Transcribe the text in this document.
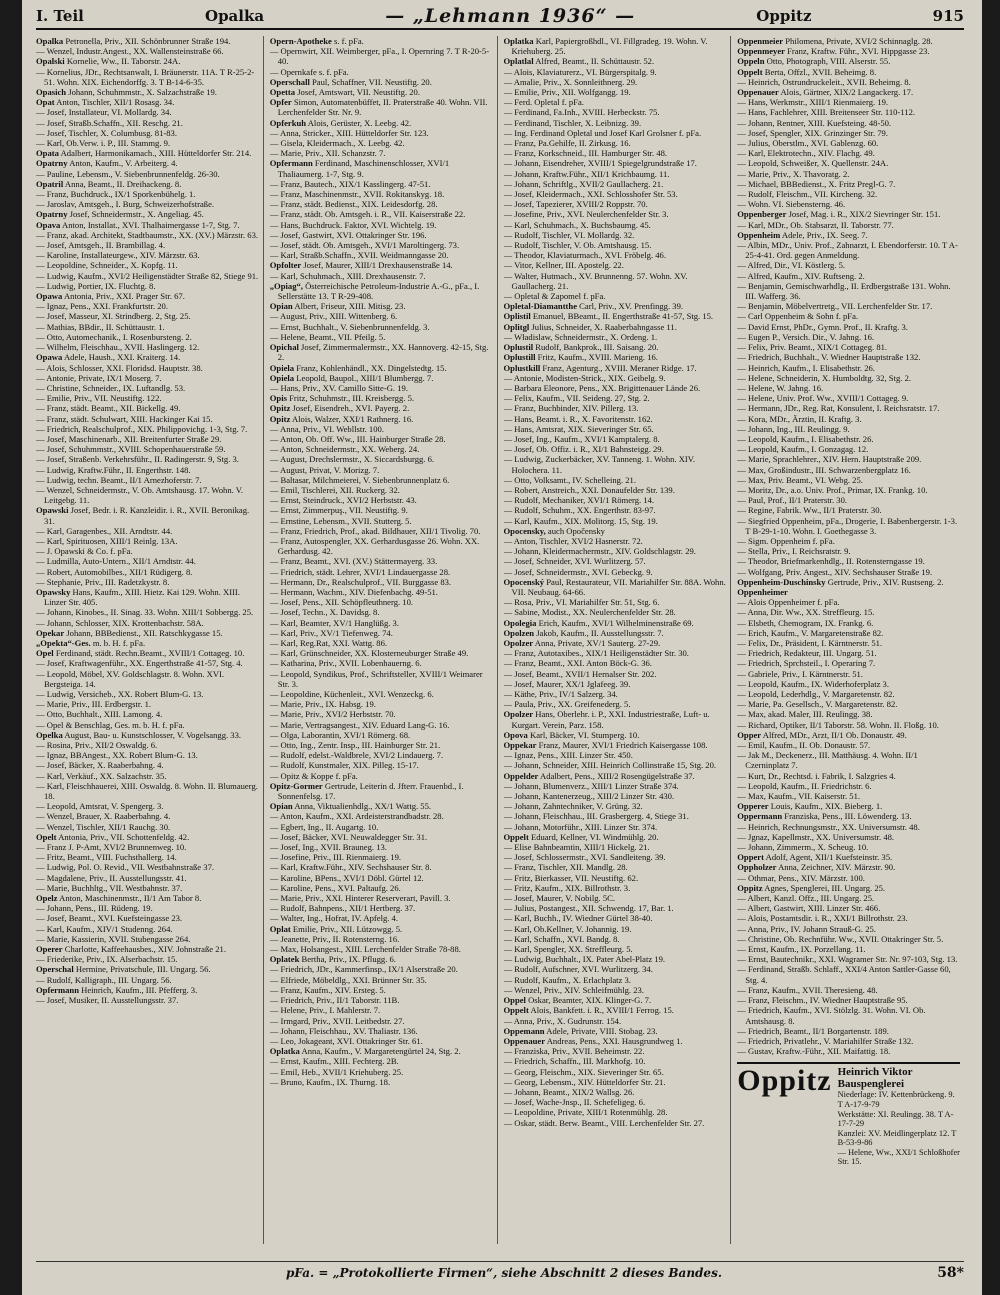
I. Teil	Opalka	— „Lehmann 1936“ —	Oppitz	915

Opalka Petronella, Priv., XII. Schönbrunner Straße 194.

— Wenzel, Industr.Angest., XX. Wallensteinstraße 66.

Opalski Kornelie, Ww., II. Taborstr. 24A.

— Kornelius, JDr., Rechtsanwalt, I. Bräunerstr. 11A. T R-25-2-51. Wohn. XIX. Eichendorffg. 3. T B-14-6-35.

Opasich Johann, Schuhmmstr., X. Salzachstraße 19.

Opat Anton, Tischler, XII/1 Rosasg. 34.

— Josef, Installateur, VI. Mollardg. 34.

— Josef, Straßb.Schaffn., XII. Reschg. 21.

— Josef, Tischler, X. Columbusg. 81-83.

— Karl, Ob.Verw. i. P., III. Stammg. 9.

Opata Adalbert, Harmonikamach., XIII. Hütteldorfer Str. 214.

Opatrny Anton, Kaufm., V. Arbeiterg. 4.

— Pauline, Lebensm., V. Siebenbrunnenfeldg. 26-30.

Opatril Anna, Beamt., II. Dreihackeng. 8.

— Franz, Buchdruck., IX/1 Sporkenbühelg. 1.

— Jaroslav, Amtsgeh., I. Burg, Schweizerhofstraße.

Opatrny Josef, Schneidermstr., X. Angeliag. 45.

Opava Anton, Installat., XVI. Thalhaimergasse 1-7, Stg. 7.

— Franz, akad. Architekt, Stadtbaumstr., XX. (XV.) Märzstr. 63.

— Josef, Amtsgeh., II. Brambillag. 4.

— Karoline, Installateurgew., XIV. Märzstr. 63.

— Leopoldine, Schneider., X. Kopfg. 11.

— Ludwig, Kaufm., XVI/2 Heiligenstädter Straße 82, Stiege 91.

— Ludwig, Portier, IX. Fluchtg. 8.

Opawa Antonia, Priv., XXI. Prager Str. 67.

— Ignaz, Pens., XXI. Frankfurtstr. 20.

— Josef, Masseur, XI. Strindberg. 2, Stg. 25.

— Mathias, BBdir., II. Schüttaustr. 1.

— Otto, Automechanik., I. Rosenbursteng. 2.

— Wilhelm, Fleischhau., XVII. Haslingerg. 12.

Opawa Adele, Haush., XXI. Kraiterg. 14.

— Alois, Schlosser, XXI. Floridsd. Hauptstr. 38.

— Antonie, Private, IX/1 Moserg. 7.

— Christine, Schneider., IX. Luftandlg. 53.

— Emilie, Priv., VII. Neustiftg. 122.

— Franz, städt. Beamt., XII. Bickellg. 49.

— Franz, städt. Schulwart, XIII. Hackinger Kai 15.

— Friedrich, Realschulprof., XIX. Philippovichg. 1-3, Stg. 7.

— Josef, Maschinenarb., XII. Breitenfurter Straße 29.

— Josef, Schuhmmstr., XVIII. Schopenhauerstraße 59.

— Josef, Straßenb. Verkehrsführ., II. Radingerstr. 9, Stg. 3.

— Ludwig, Kraftw.Führ., II. Engerthstr. 148.

— Ludwig, techn. Beamt., II/1 Arnezhoferstr. 7.

— Wenzel, Schneidermstr., V. Ob. Amtshausg. 17. Wohn. V. Leitgebg. 11.

Opawski Josef, Bedr. i. R. Kanzleidir. i. R., XVII. Beronikag. 31.

— Karl, Garagenbes., XII. Arndtstr. 44.

— Karl, Spirituosen, XIII/1 Reinlg. 13A.

— J. Opawski & Co. f. pFa.

— Ludmilla, Auto-Untern., XII/1 Arndtstr. 44.

— Robert, Automobilbes., XII/1 Rüdigerg. 8.

— Stephanie, Priv., III. Radetzkystr. 8.

Opawsky Hans, Kaufm., XIII. Hietz. Kai 129. Wohn. XIII. Linzer Str. 405.

— Johann, Kinobes., II. Sinag. 33. Wohn. XIII/1 Sobbergg. 25.

— Johann, Schlosser, XIX. Krottenbachstr. 58A.

Opekar Johann, BBBedienst., XII. Ratschkygasse 15.

„Opekta“-Ges. m. b. H. f. pFa.

Opel Ferdinand, städt. Rechn.Beamt., XVIII/1 Cottageg. 10.

— Josef, Kraftwagenführ., XX. Engerthstraße 41-57, Stg. 4.

— Leopold, Möbel, XV. Goldschlagstr. 8. Wohn. XVI. Bergsteiga. 14.

— Ludwig, Versicheb., XX. Robert Blum-G. 13.

— Marie, Priv., III. Erdbergstr. 1.

— Otto, Buchhalt., XIII. Lamong. 4.

— Opel & Benschlag, Ges. m. b. H. f. pFa.

Opelka August, Bau- u. Kunstschlosser, V. Vogelsangg. 33.

— Rosina, Priv., XII/2 Oswaldg. 6.

— Ignaz, BBAngest., XX. Robert Blum-G. 13.

— Josef, Bäcker, X. Raaberbahng. 4.

— Karl, Verkäuf., XX. Salzachstr. 35.

— Karl, Fleischhauerei, XIII. Oswaldg. 8. Wohn. II. Blumauerg. 18.

— Leopold, Amtsrat, V. Spengerg. 3.

— Wenzel, Brauer, X. Raaberbahng. 4.

— Wenzel, Tischler, XII/1 Rauchg. 30.

Opelt Antonia, Priv., VII. Schottenfeldg. 42.

— Franz J. P-Amt, XVI/2 Brunnenweg. 10.

— Fritz, Beamt., VIII. Fuchsthallerg. 14.

— Ludwig, Pol. O. Revid., VII. Westbahnstraße 37.

— Magdalene, Priv., II. Ausstellungsstr. 41.

— Marie, Buchhltg., VII. Westbahnstr. 37.

Opelz Anton, Maschinenmstr., II/1 Am Tabor 8.

— Johann, Pens., III. Rüdeng. 19.

— Josef, Beamt., XVI. Kuefsteingasse 23.

— Karl, Kaufm., XIV/1 Studenng. 264.

— Marie, Kassierin, XVII. Stubengasse 264.

Operer Charlotte, Kaffeehausbes., XIV. Johnstraße 21.

— Friederike, Priv., IX. Alserbachstr. 15.

Operschal Hermine, Privatschule, III. Ungarg. 56.

— Rudolf, Kalligraph., III. Ungarg. 56.

Opfermann Heinrich, Kaufm., III. Pfefferg. 3.

— Josef, Musiker, II. Ausstellungsstr. 37.

Opern-Apotheke s. f. pFa.

— Opernwirt, XII. Weimberger, pFa., I. Opernring 7. T R-20-5-40.

— Opernkafe s. f. pFa.

Operschall Paul, Schaffner, VII. Neustiftg. 20.

Opetta Josef, Amtswart, VII. Neustiftg. 20.

Opfer Simon, Automatenbüffet, II. Praterstraße 40. Wohn. VII. Lerchenfelder Str. Nr. 9.

Opferkuh Alois, Gerüster, X. Leebg. 42.

— Anna, Stricker., XIII. Hütteldorfer Str. 123.

— Gisela, Kleidermach., X. Leebg. 42.

— Marie, Priv., XII. Schanzstr. 7.

Opfermann Ferdinand, Maschinenschlosser, XVI/1 Thaliaumerg. 1-7, Stg. 9.

— Franz, Bautech., XIX/1 Kasslingerg. 47-51.

— Franz, Maschinenmstr., XVII. Rokitanskyg. 18.

— Franz, städt. Bedienst., XIX. Leidesdorfg. 28.

— Franz, städt. Ob. Amtsgeh. i. R., VII. Kaiserstraße 22.

— Hans, Buchdruck. Faktor, XVI. Wichtelg. 19.

— Josef, Gastwirt, XVI. Ottakringer Str. 196.

— Josef, städt. Ob. Amtsgeh., XVI/1 Maroltingerg. 73.

— Karl, Straßb.Schaffn., XVII. Weidmanngasse 20.

Opfolter Josef, Maurer, XIII/1 Drexhausenstraße 14.

— Karl, Schuhmach., XIII. Drexhausenstr. 7.

„Opiag“, Österreichische Petroleum-Industrie A.-G., pFa., I. Sellerstätte 13. T R-29-408.

Opian Albert, Friseur, XIII. Mitisg. 23.

— August, Priv., XIII. Wittenberg. 6.

— Ernst, Buchhalt., V. Siebenbrunnenfeldg. 3.

— Helene, Beamt., VII. Pfeilg. 5.

Opichal Josef, Zimmermalermstr., XX. Hannoverg. 42-15, Stg. 2.

Opiela Franz, Kohlenhändl., XX. Dingelstedtg. 15.

Opiela Leopold, Baupol., XIII/1 Blumbergg. 7.

— Hans, Priv., XV. Camillo Sitte-G. 19.

Opis Fritz, Schuhmstr., III. Kreisbergg. 5.

Opitz Josef, Eisendreh., XVI. Payerg. 2.

Opitz Alois, Walzer, XXI/1 Rathnerg. 16.

— Anna, Priv., VI. Webllstr. 100.

— Anton, Ob. Off. Ww., III. Hainburger Straße 28.

— Anton, Schneidermstr., XX. Weberg. 24.

— August, Drechslermstr., X. Siccardsburgg. 6.

— August, Privat, V. Morizg. 7.

— Baltasar, Milchmeierei, V. Siebenbrunnenplatz 6.

— Emil, Tischlerei, XII. Ruckerg. 32.

— Ernst, Steindruck., XVI/2 Herbststr. 43.

— Ernst, Zimmerpuş., VII. Neustiftg. 9.

— Ernstine, Lebensm., XVII. Stutterg. 5.

— Franz, Friedrich, Prof., akad. Bildhauer, XII/1 Tivolig. 70.

— Franz, Autospengler, XX. Gerhardusgasse 26. Wohn. XX. Gerhardusg. 42.

— Franz, Beamt., XVI. (XV.) Stättermayerg. 33.

— Friedrich, städt. Lehrer, XVI/1 Lindauergasse 28.

— Hermann, Dr., Realschulprof., VII. Burggasse 83.

— Hermann, Wachm., XIV. Diefenbachg. 49-51.

— Josef, Pens., XII. Schöpfleuthnerg. 10.

— Josef, Techn., X. Davidsg. 8.

— Karl, Beamter, XV/1 Hanglüßg. 3.

— Karl, Priv., XV/1 Tiefenweg. 74.

— Karl, Reg.Rat, XXI. Wattg. 86.

— Karl, Grünschneider, XX. Klosterneuburger Straße 49.

— Katharina, Priv., XVII. Lobenhauerng. 6.

— Leopold, Syndikus, Prof., Schriftsteller, XVIII/1 Weimarer Str. 3.

— Leopoldine, Küchenleit., XVI. Wenzeckg. 6.

— Marie, Priv., IX. Habsg. 19.

— Marie, Priv., XVI/2 Herbststr. 70.

— Marie, Vertragsangest., XIV. Eduard Lang-G. 16.

— Olga, Laborantin, XVI/1 Römerg. 68.

— Otto, Ing., Zentr. Insp., III. Hainburger Str. 21.

— Rudolf, edelst.-Waldbrele, XVI/2 Lindauerg. 7.

— Rudolf, Kunstmaler, XIX. Pilleg. 15-17.

— Opitz & Koppe f. pFa.

Opitz-Gormer Gertrude, Leiterin d. Jfterr. Frauenbd., I. Sonnenfelsg. 17.

Opian Anna, Viktualienhdlg., XX/1 Wattg. 55.

— Anton, Kaufm., XXI. Ardeisterstrandbadstr. 28.

— Egbert, Ing., II. Augartg. 10.

— Josef, Bäcker, XVI. Neuwaldegger Str. 31.

— Josef, Ing., XVII. Brauneg. 13.

— Josefine, Priv., III. Rienmaierg. 19.

— Karl, Kraftw.Führ., XIV. Sechshauser Str. 8.

— Karoline, BPens., XVI/1 Döbl. Gürtel 12.

— Karoline, Pens., XVI. Paltaufg. 26.

— Marie, Priv., XXI. Hinterer Reserverart, Pavill. 3.

— Rudolf, Bahnpens., XII/1 Hertberg. 37.

— Walter, Ing., Hofrat, IV. Apfelg. 4.

Oplat Emilie, Priv., XII. Lützowgg. 5.

— Jeanette, Priv., II. Rotensterng. 16.

— Max, Holsangest., XIII. Lerchenfelder Straße 78-88.

Oplatek Bertha, Priv., IX. Pflugg. 6.

— Friedrich, JDr., Kammerfinsp., IX/1 Alserstraße 20.

— Elfriede, Möbeldlg., XXI. Brünner Str. 35.

— Franz, Kaufm., XIV. Ersteg. 5.

— Friedrich, Priv., II/1 Taborstr. 11B.

— Helene, Priv., I. Mahlerstr. 7.

— Irmgard, Priv., XVII. Leitbedstr. 27.

— Johann, Fleischhau., XV. Thaliastr. 136.

— Leo, Jokageant, XVI. Ottakringer Str. 61.

Oplatka Anna, Kaufm., V. Margaretengürtel 24, Stg. 2.

— Ernst, Kaufm., XIII. Fechterg. 2B.

— Emil, Heb., XVII/1 Kriehuberg. 25.

— Bruno, Kaufm., IX. Thurng. 18.

Oplatka Karl, Papiergroßhdl., VI. Fillgradeg. 19. Wohn. V. Kriehuberg. 25.

Oplatlal Alfred, Beamt., II. Schüttaustr. 52.

— Alois, Klaviaturerz., VI. Bürgerspitalg. 9.

— Amalie, Priv., X. Sonnleithnerg. 29.

— Emilie, Priv., XII. Wolfgangg. 19.

— Ferd. Opletal f. pFa.

— Ferdinand, Fa.Inh., XVIII. Herbeckstr. 75.

— Ferdinand, Tischler, X. Leibnizg. 39.

— Ing. Ferdinand Opletal und Josef Karl Grolsner f. pFa.

— Franz, Pa.Gehilfe, II. Zirkusg. 16.

— Franz, Korkschneid., III. Hamburger Str. 48.

— Johann, Eisendreher, XVIII/1 Spiegelgrundstraße 17.

— Johann, Kraftw.Führ., XII/1 Krichbaumg. 11.

— Johann, Schriftlg., XVII/2 Gaullacherg. 21.

— Josef, Kleidermach., XXI. Schlosshofer Str. 53.

— Josef, Tapezierer, XVIII/2 Roppstr. 70.

— Josefine, Priv., XVI. Neulerchenfelder Str. 3.

— Karl, Schuhmach., X. Buchsbaumg. 45.

— Rudolf, Tischler, VI. Mollardg. 32.

— Rudolf, Tischler, V. Ob. Amtshausg. 15.

— Theodor, Klaviaturmach., XVI. Fröbelg. 46.

— Vitor, Kellner, III. Apostelg. 22.

— Walter, Hutmach., XV. Brunnenng. 57. Wohn. XV. Gaullacherg. 21.

— Opletal & Zapomel f. pFa.

Opletal-Diamantthe Carl, Priv., XV. Prenfingg. 39.

Oplistil Emanuel, BBeamt., II. Engerthstraße 41-57, Stg. 15.

Oplitgl Julius, Schneider, X. Raaberbahngasse 11.

— Władislaw, Schneidermstr., X. Ordeng. 1.

Oplustil Rudolf, Bankprok., III. Saisang. 20.

Oplustill Fritz, Kaufm., XVIII. Marieng. 16.

Oplustkill Franz, Agenturg., XVIII. Meraner Ridge. 17.

— Antonie, Modisten-Strick., XIX. Geibelg. 9.

— Barbara Eleonore, Pens., XX. Brigittenauer Lände 26.

— Felix, Kaufm., VII. Seideng. 27, Stg. 2.

— Franz, Buchbinder, XIV. Pillerg. 13.

— Hans, Beamt. i. R., X. Favoritenstr. 162.

— Hans, Amtsrat, XIX. Sieveringer Str. 65.

— Josef, Ing., Kaufm., XVI/1 Kamptalerg. 8.

— Josef, Ob. Offiz. i. R., XI/1 Bahnsteigg. 29.

— Ludwig, Zuckerbäcker, XV. Tanneng. 1. Wohn. XIV. Holochera. 11.

— Otto, Volksamt., IV. Schelleing. 21.

— Robert, Anstreich., XXI. Donaufelder Str. 139.

— Rudolf, Mechaniker, XVI/1 Römerg. 14.

— Rudolf, Schuhm., XX. Engerthstr. 83-97.

— Karl, Kaufm., XIX. Molitorg. 15, Stg. 19.

Opocensky, auch Opočensky

— Anton, Tischler, XVI/2 Hasnerstr. 72.

— Johann, Kleidermachermstr., XIV. Goldschlagstr. 29.

— Josef, Schneider, XVI. Wurlitzerg. 57.

— Josef, Schneidermstr., XVI. Gebeckg. 9.

Opocenský Paul, Restaurateur, VII. Mariahilfer Str. 88A. Wohn. VII. Neubaug. 64-66.

— Rosa, Priv., VI. Mariahilfer Str. 51, Stg. 6.

— Sabine, Modist., XX. Neulerchenfelder Str. 28.

Opolegia Erich, Kaufm., XVI/1 Wilhelminenstraße 69.

Opolzen Jakob, Kaufm., II. Ausstellungsstr. 7.

Opolzer Anna, Private, XV/1 Sauterg. 27-29.

— Franz, Autotaxibes., XIX/1 Heiligenstädter Str. 30.

— Franz, Beamt., XXI. Anton Böck-G. 36.

— Josef, Beamt., XVII/1 Hernalser Str. 202.

— Josef, Maurer, XX/1 Jglafeeg. 39.

— Käthe, Priv., IV/1 Salzerg. 34.

— Paula, Priv., XX. Greifenederg. 5.

Opolzer Hans, Oberlehr. i. P., XXI. Industriestraße, Luft- u. Kurgart. Verein, Parz. 158.

Opova Karl, Bäcker, VI. Stumperg. 10.

Oppekar Franz, Maurer, XVI/1 Friedrich Kaisergasse 108.

— Ignaz, Pens., XIII. Linzer Str. 450.

— Johann, Schneider, XIII. Heinrich Collinstraße 15, Stg. 20.

Oppelder Adalbert, Pens., XIII/2 Rosengügelstraße 37.

— Johann, Blumenverz., XIII/1 Linzer Straße 374.

— Johann, Kantenerzeug., XIII/2 Linzer Str. 430.

— Johann, Zahntechniker, V. Grüng. 32.

— Johann, Fleischhau., III. Grasbergerg. 4, Stiege 31.

— Johann, Motorführ., XIII. Linzer Str. 374.

Oppelt Eduard, Kellner, VI. Windmühlg. 20.

— Elise Bahnbeamtin, XIII/1 Hickelg. 21.

— Josef, Schlossermstr., XVI. Sandleiteng. 39.

— Franz, Tischler, XII. Mandlg. 28.

— Fritz, Bierkasser, VII. Neustiftg. 62.

— Fritz, Kaufm., XIX. Billrothstr. 3.

— Josef, Maurer, V. Nobilg. 5C.

— Julius, Postangest., XII. Schwendg. 17, Bar. 1.

— Karl, Buchh., IV. Wiedner Gürtel 38-40.

— Karl, Ob.Kellner, V. Johannig. 19.

— Karl, Schaffn., XVI. Bandg. 8.

— Karl, Spengler, XX. Streffleurg. 5.

— Ludwig, Buchhalt., IX. Pater Abel-Platz 19.

— Rudolf, Aufschner, XVI. Wurlitzerg. 34.

— Rudolf, Kaufm., X. Erlachplatz 3.

— Wenzel, Priv., XIV. Schleifmühlg. 23.

Oppel Oskar, Beamter, XIX. Klinger-G. 7.

Oppelt Alois, Bankfett. i. R., XVIII/1 Ferrog. 15.

— Anna, Priv., X. Gudrunstr. 154.

Oppemann Adele, Private, VIII. Stobag. 23.

Oppenauer Andreas, Pens., XXI. Hausgrundweg 1.

— Franziska, Priv., XVII. Beheimstr. 22.

— Friedrich, Schaffn., III. Markhofg. 10.

— Georg, Fleischm., XIX. Sieveringer Str. 65.

— Georg, Lebensm., XIV. Hütteldorfer Str. 21.

— Johann, Beamt., XIX/2 Wallsg. 26.

— Josef, Wache-Jnsp., II. Schefeligeg. 6.

— Leopoldine, Private, XIII/1 Rotenmühlg. 28.

— Oskar, städt. Berw. Beamt., VIII. Lerchenfelder Str. 27.

Oppenmeier Philomena, Private, XVI/2 Schinnaglg. 28.

Oppenmeyer Franz, Kraftw. Führ., XVI. Hippgasse 23.

Oppeln Otto, Photograph, VIII. Alserstr. 55.

Oppelt Berta, Offzl., XVII. Beheimg. 8.

— Heinrich, Ostrundruckeleit., XVII. Beheimg. 8.

Oppenauer Alois, Gärtner, XIX/2 Langackerg. 17.

— Hans, Werkmstr., XIII/1 Rienmaierg. 19.

— Hans, Fachlehrer, XIII. Breitenseer Str. 110-112.

— Johann, Rentner, XIII. Kuefsteing. 48-50.

— Josef, Spengler, XIX. Grinzinger Str. 79.

— Julius, Oberstlm., XVI. Gablenzg. 60.

— Karl, Elektrotechn., XIV. Flachg. 49.

— Leopold, Schweißer, X. Quellenstr. 24A.

— Marie, Priv., X. Thavoratg. 2.

— Michael, BBBedienst., X. Fritz Pregl-G. 7.

— Rudolf, Fleischm., VII. Kircheng. 32.

— Wohn. VI. Siebensterng. 46.

Oppenberger Josef, Mag. i. R., XIX/2 Sievringer Str. 151.

— Karl, MDr., Ob. Stabsarzt, II. Taborstr. 77.

Oppenheim Adele, Priv., IX. Seeg. 7.

— Albin, MDr., Univ. Prof., Zahnarzt, I. Ebendorferstr. 10. T A-25-4-41. Ord. gegen Anmeldung.

— Alfred, Dir., VI. Köstlerg. 5.

— Alfred, Kaufm., XIV. Ruftseng. 2.

— Benjamin, Gemischwarhdlg., II. Erdbergstraße 131. Wohn. III. Wafferg. 36.

— Benjamin, Möbelvertretg., VII. Lerchenfelder Str. 17.

— Carl Oppenheim & Sohn f. pFa.

— David Ernst, PhDr., Gymn. Prof., II. Kraftg. 3.

— Eugen P., Versich. Dir., V. Jahng. 16.

— Felix, Priv. Beamt., XIX/1 Cottageg. 81.

— Friedrich, Buchhalt., V. Wiedner Hauptstraße 132.

— Heinrich, Kaufm., I. Elisabethstr. 26.

— Helene, Schneiderin, X. Humboldtg. 32, Stg. 2.

— Helene, W. Jahng. 16.

— Helene, Univ. Prof. Ww., XVIII/1 Cottageg. 9.

— Hermann, JDr., Reg. Rat, Konsulent, I. Reichsratstr. 17.

— Kora, MDr., Ärztin, II. Kraftg. 3.

— Johann, Ing., III. Reulingg. 9.

— Leopold, Kaufm., I. Elisabethstr. 26.

— Leopold, Kaufm., I. Gonzagag. 12.

— Marie, Sprachlehrer., XIV. Hern. Hauptstraße 209.

— Max, Großindustr., III. Schwarzenbergplatz 16.

— Max, Priv. Beamt., VI. Webg. 25.

— Moritz, Dr., a.o. Univ. Prof., Primar, IX. Frankg. 10.

— Paul, Prof., II/1 Praterstr. 30.

— Regine, Fabrik. Ww., II/1 Praterstr. 30.

— Siegfried Oppenheim, pFa., Drogerie, I. Babenbergerstr. 1-3. T B-29-1-10. Wohn. I. Goethegasse 3.

— Sigm. Oppenheim f. pFa.

— Stella, Priv., I. Reichsratstr. 9.

— Theodor, Briefmarkenhdlg., II. Rotensterngasse 19.

— Wolfgang, Priv. Angest., XIV. Sechshauser Straße 19.

Oppenheim-Duschinsky Gertrude, Priv., XIV. Rustseng. 2.

Oppenheimer

— Alois Oppenheimer f. pFa.

— Anna, Dir. Ww., XX. Streffleurg. 15.

— Elsbeth, Chemogram, IX. Frankg. 6.

— Erich, Kaufm., V. Margaretenstraße 82.

— Felix, Dr., Präsident, I. Kärntnerstr. 51.

— Friedrich, Redakteur, III. Ungarg. 51.

— Friedrich, Sprchsteil., I. Operaring 7.

— Gabriele, Priv., I. Kärntnerstr. 51.

— Leopold, Kaufm., IX. Widerhoferplatz 3.

— Leopold, Lederhdlg., V. Margaretenstr. 82.

— Marie, Pa. Gesellsch., V. Margaretenstr. 82.

— Max, akad. Maler, III. Reulingg. 38.

— Richard, Optiker, II/1 Taborstr. 58. Wohn. II. Floßg. 10.

Opper Alfred, MDr., Arzt, II/1 Ob. Donaustr. 49.

— Emil, Kaufm., II. Ob. Donaustr. 57.

— Jak M., Deckenerz., III. Matthäusg. 4. Wohn. II/1 Czerninplatz 7.

— Kurt, Dr., Rechtsd. i. Fabrik, I. Salzgries 4.

— Leopold, Kaufm., II. Friedrichstr. 6.

— Max, Kaufm., VII. Kaiserstr. 51.

Opperer Louis, Kaufm., XIX. Bieberg. 1.

Oppermann Franziska, Pens., III. Löwenderg. 13.

— Heinrich, Rechnungsmstr., XX. Universumstr. 48.

— Jgnaz, Kapellmstr., XX. Universumstr. 48.

— Johann, Zimmerm., X. Scheug. 10.

Oppert Adolf, Agent, XII/1 Kuefsteinstr. 35.

Oppholzer Anna, Zeichner, XIV. Märzstr. 90.

— Othmar, Pens., XIV. Märzstr. 100.

Oppitz Agnes, Spenglerei, III. Ungarg. 25.

— Albert, Kanzl. Offz., III. Ungarg. 25.

— Albert, Gastwirt, XIII. Linzer Str. 466.

— Alois, Postamtsdir. i. R., XXI/1 Billrothstr. 23.

— Anna, Priv., IV. Johann Strauß-G. 25.

— Christine, Ob. Rechnführ. Ww., XVII. Ottakringer Str. 5.

— Ernst, Kaufm., IX. Porzellang. 11.

— Ernst, Bautechnikr., XXI. Wagramer Str. Nr. 97-103, Stg. 13.

— Ferdinand, Straßb. Schlaff., XXI/4 Anton Sattler-Gasse 60, Stg. 4.

— Franz, Kaufm., XVII. Theresieng. 48.

— Franz, Fleischm., IV. Wiedner Hauptstraße 95.

— Friedrich, Kaufm., XVI. Stölzlg. 31. Wohn. VI. Ob. Amtshausg. 8.

— Friedrich, Beamt., II/1 Borgartenstr. 189.

— Friedrich, Privatlehr., V. Mariahilfer Straße 132.

— Gustav, Kraftw.-Führ., XII. Maifattig. 18.

Oppitz Heinrich Viktor Bauspenglerei
Niederlage: IV. Kettenbrückeng. 9. T A-17-9-79
Werkstätte: XI. Reulingg. 38. T A-17-7-29
Kanzlei: XV. Meidlingerplatz 12. T B-53-9-86
— Helene, Ww., XXI/1 Schloßhofer Str. 15.
pFa. = „Protokollierte Firmen“, siehe Abschnitt 2 dieses Bandes.	58*
